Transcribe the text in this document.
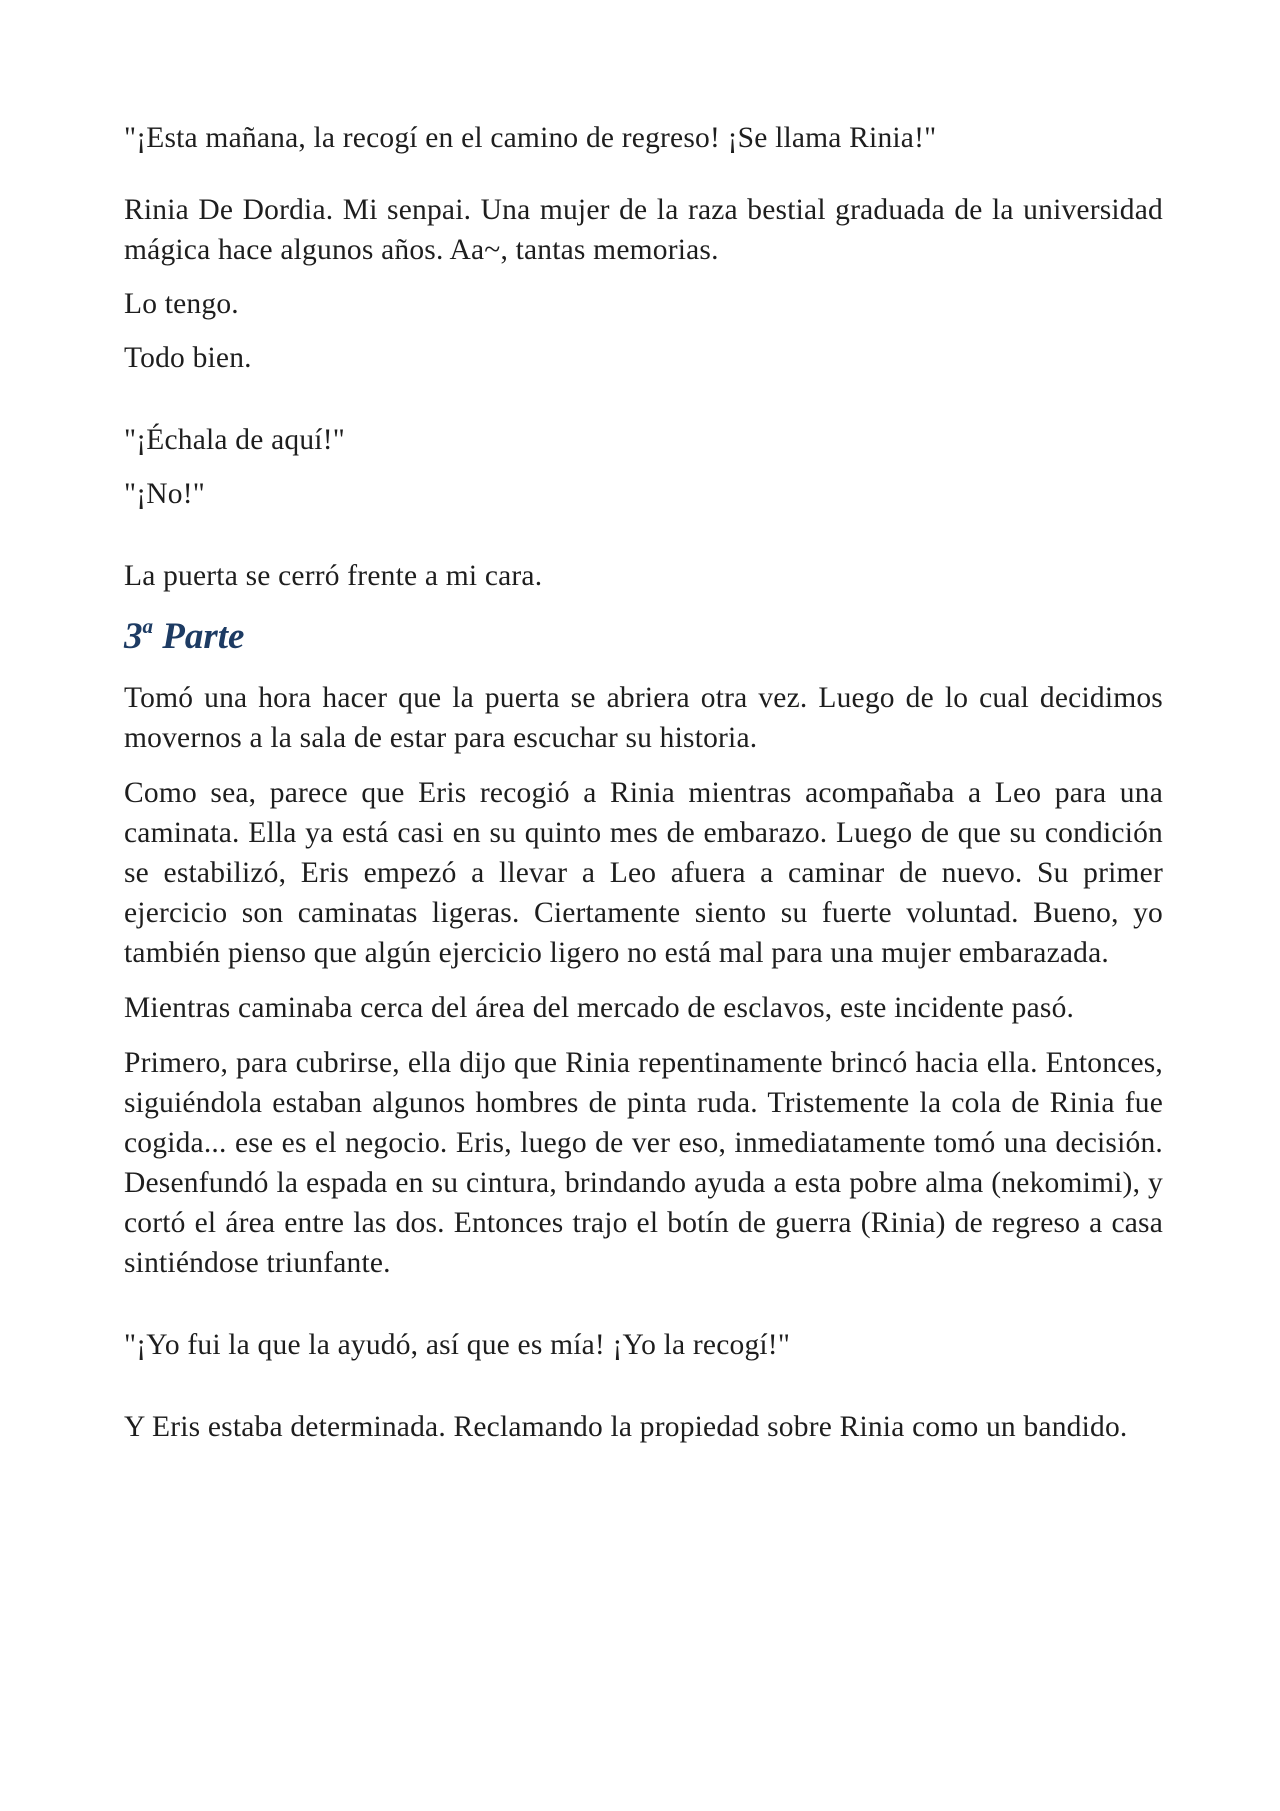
"¡Esta mañana, la recogí en el camino de regreso! ¡Se llama Rinia!"

Rinia De Dordia. Mi senpai. Una mujer de la raza bestial graduada de la universidad mágica hace algunos años. Aa~, tantas memorias.

Lo tengo.

Todo bien.

"¡Échala de aquí!"

"¡No!"

La puerta se cerró frente a mi cara.

3$^a$ Parte

Tomó una hora hacer que la puerta se abriera otra vez. Luego de lo cual decidimos movernos a la sala de estar para escuchar su historia.

Como sea, parece que Eris recogió a Rinia mientras acompañaba a Leo para una caminata. Ella ya está casi en su quinto mes de embarazo. Luego de que su condición se estabilizó, Eris empezó a llevar a Leo afuera a caminar de nuevo. Su primer ejercicio son caminatas ligeras. Ciertamente siento su fuerte voluntad. Bueno, yo también pienso que algún ejercicio ligero no está mal para una mujer embarazada.

Mientras caminaba cerca del área del mercado de esclavos, este incidente pasó.

Primero, para cubrirse, ella dijo que Rinia repentinamente brincó hacia ella. Entonces, siguiéndola estaban algunos hombres de pinta ruda. Tristemente la cola de Rinia fue cogida... ese es el negocio. Eris, luego de ver eso, inmediatamente tomó una decisión. Desenfundó la espada en su cintura, brindando ayuda a esta pobre alma (nekomimi), y cortó el área entre las dos. Entonces trajo el botín de guerra (Rinia) de regreso a casa sintiéndose triunfante.

"¡Yo fui la que la ayudó, así que es mía! ¡Yo la recogí!"

Y Eris estaba determinada. Reclamando la propiedad sobre Rinia como un bandido.
